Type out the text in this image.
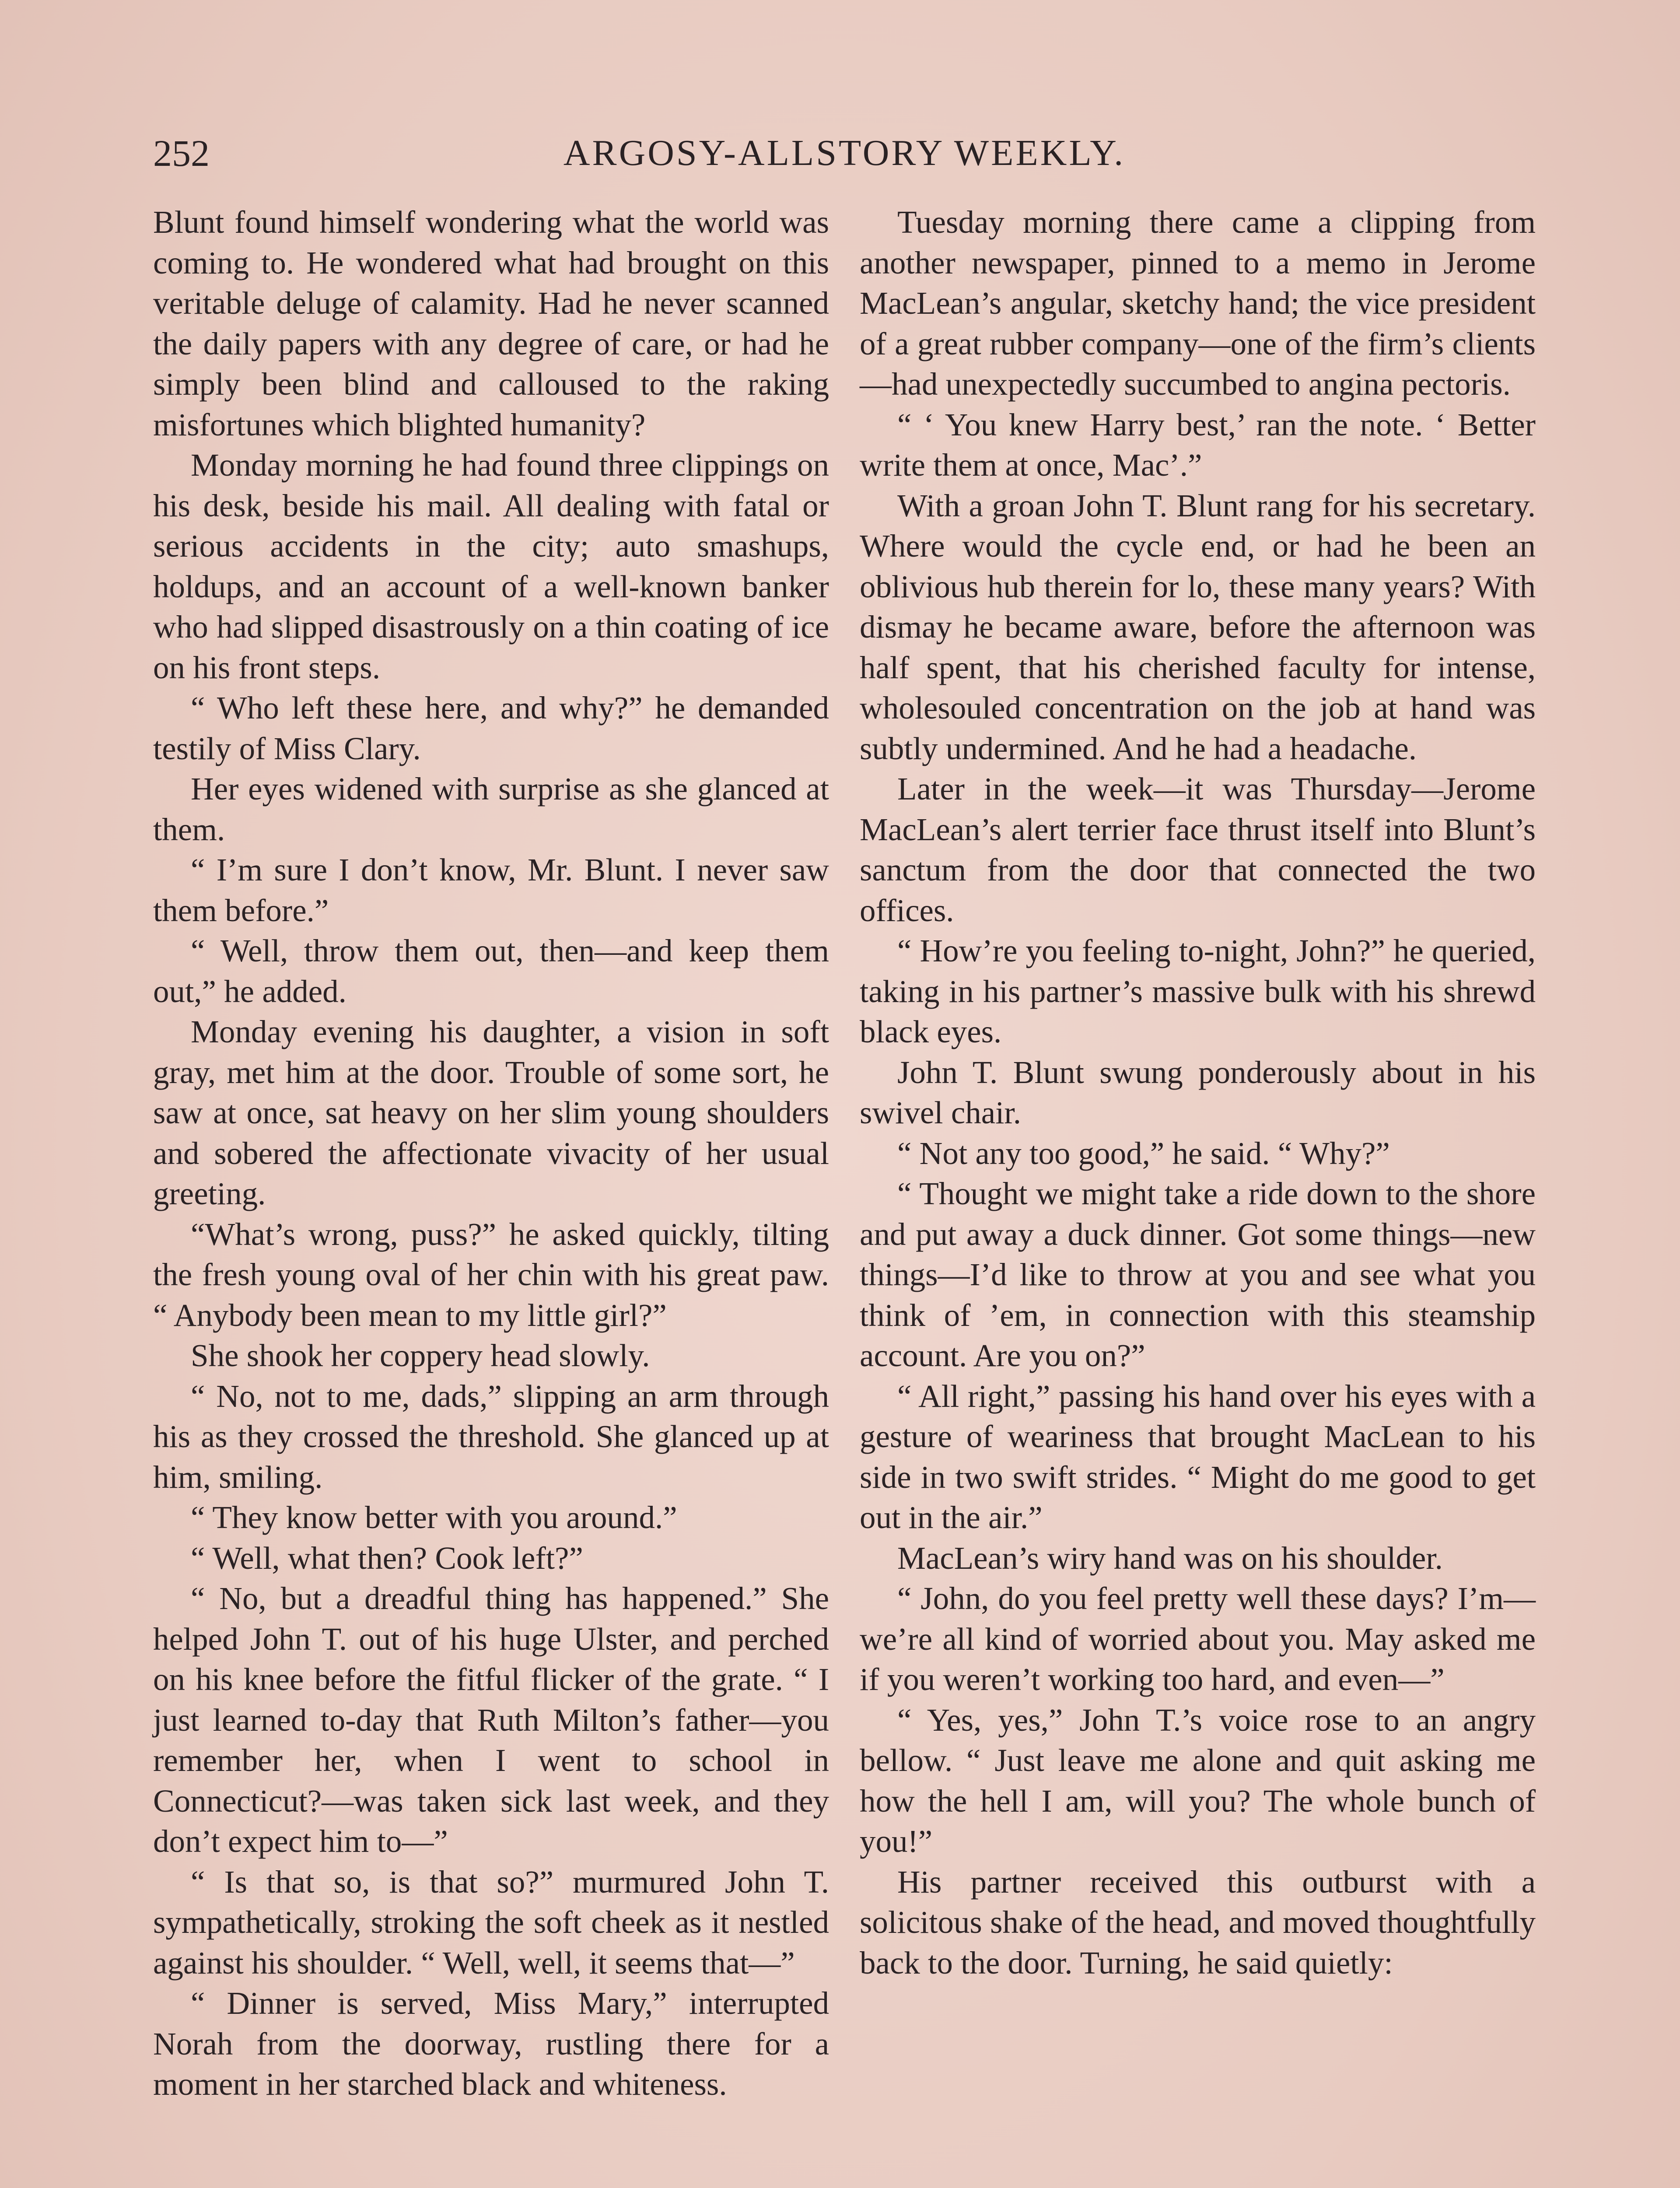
252	ARGOSY-ALLSTORY WEEKLY.

Blunt found himself wondering what the world was coming to. He wondered what had brought on this veritable deluge of calamity. Had he never scanned the daily papers with any degree of care, or had he simply been blind and calloused to the raking misfortunes which blighted humanity?

Monday morning he had found three clippings on his desk, beside his mail. All dealing with fatal or serious accidents in the city; auto smashups, holdups, and an account of a well-known banker who had slipped disastrously on a thin coating of ice on his front steps.

“ Who left these here, and why?” he demanded testily of Miss Clary.

Her eyes widened with surprise as she glanced at them.

“ I’m sure I don’t know, Mr. Blunt. I never saw them before.”

“ Well, throw them out, then—and keep them out,” he added.

Monday evening his daughter, a vision in soft gray, met him at the door. Trouble of some sort, he saw at once, sat heavy on her slim young shoulders and sobered the affectionate vivacity of her usual greeting.

“What’s wrong, puss?” he asked quickly, tilting the fresh young oval of her chin with his great paw. “ Anybody been mean to my little girl?”

She shook her coppery head slowly.

“ No, not to me, dads,” slipping an arm through his as they crossed the threshold. She glanced up at him, smiling.

“ They know better with you around.”

“ Well, what then? Cook left?”

“ No, but a dreadful thing has happened.” She helped John T. out of his huge Ulster, and perched on his knee before the fitful flicker of the grate. “ I just learned to-day that Ruth Milton’s father—you remember her, when I went to school in Connecticut?—was taken sick last week, and they don’t expect him to—”

“ Is that so, is that so?” murmured John T. sympathetically, stroking the soft cheek as it nestled against his shoulder. “ Well, well, it seems that—”

“ Dinner is served, Miss Mary,” interrupted Norah from the doorway, rustling there for a moment in her starched black and whiteness.

Tuesday morning there came a clipping from another newspaper, pinned to a memo in Jerome MacLean’s angular, sketchy hand; the vice president of a great rubber company—one of the firm’s clients—had unexpectedly succumbed to angina pectoris.

“ ‘ You knew Harry best,’ ran the note. ‘ Better write them at once, Mac’.”

With a groan John T. Blunt rang for his secretary. Where would the cycle end, or had he been an oblivious hub therein for lo, these many years? With dismay he became aware, before the afternoon was half spent, that his cherished faculty for intense, wholesouled concentration on the job at hand was subtly undermined. And he had a headache.

Later in the week—it was Thursday—Jerome MacLean’s alert terrier face thrust itself into Blunt’s sanctum from the door that connected the two offices.

“ How’re you feeling to-night, John?” he queried, taking in his partner’s massive bulk with his shrewd black eyes.

John T. Blunt swung ponderously about in his swivel chair.

“ Not any too good,” he said. “ Why?”

“ Thought we might take a ride down to the shore and put away a duck dinner. Got some things—new things—I’d like to throw at you and see what you think of ’em, in connection with this steamship account. Are you on?”

“ All right,” passing his hand over his eyes with a gesture of weariness that brought MacLean to his side in two swift strides. “ Might do me good to get out in the air.”

MacLean’s wiry hand was on his shoulder.

“ John, do you feel pretty well these days? I’m—we’re all kind of worried about you. May asked me if you weren’t working too hard, and even—”

“ Yes, yes,” John T.’s voice rose to an angry bellow. “ Just leave me alone and quit asking me how the hell I am, will you? The whole bunch of you!”

His partner received this outburst with a solicitous shake of the head, and moved thoughtfully back to the door. Turning, he said quietly:
